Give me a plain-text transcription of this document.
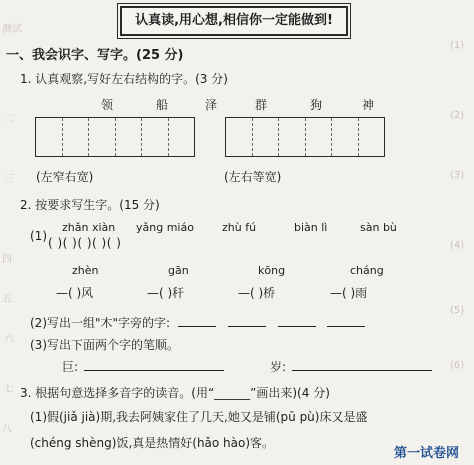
测试
二
三
四
五
六
七
八
(1)
(2)
(3)
(4)
(5)
(6)
认真读,用心想,相信你一定能做到!
一、我会识字、写字。(25 分)
1. 认真观察,写好左右结构的字。(3 分)
领	船	泽	群	狗	神
(左窄右宽)	(左右等宽)
2. 按要求写生字。(15 分)
(1)
zhǎn xiàn yǎng miáo	zhù fú	biàn lì	sàn bù
( )( )( )( )( )
zhèn	gān	kōng	cháng
—( )风	—( )秆	—( )桥	—( )雨
(2)写出一组"木"字旁的字:
(3)写出下面两个字的笔顺。
巨:	岁:
3. 根据句意选择多音字的读音。(用“______”画出来)(4 分)
(1)假(jiǎ jià)期,我去阿姨家住了几天,她又是铺(pū pù)床又是盛
(chéng shèng)饭,真是热情好(hǎo hào)客。
第一试卷网
